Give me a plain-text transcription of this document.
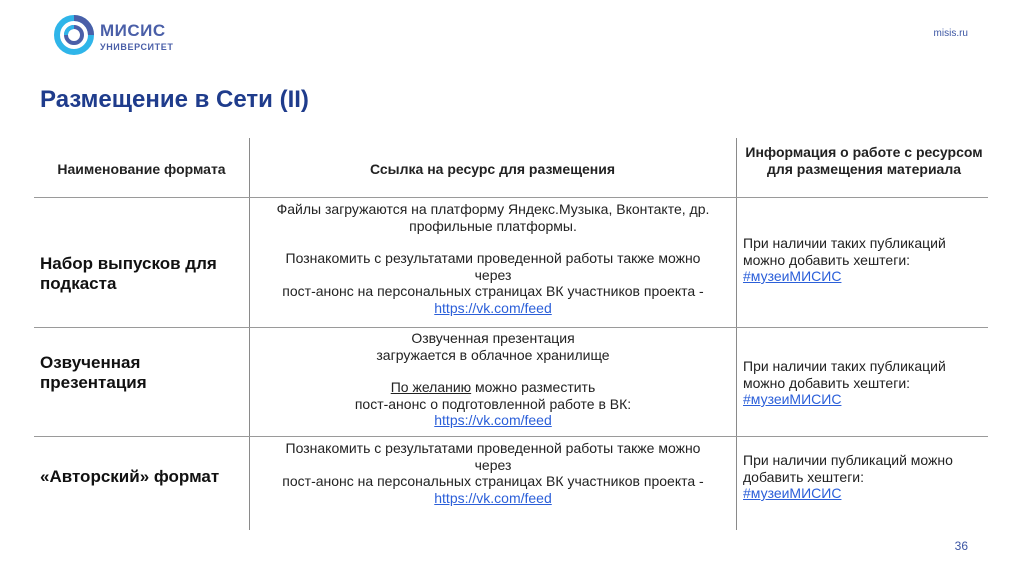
МИСИС
УНИВЕРСИТЕТ
misis.ru
Размещение в Сети (II)
Наименование формата	Ссылка на ресурс для размещения
Информация о работе с ресурсом для размещения материала
Набор выпусков для подкаста
Файлы загружаются на платформу Яндекс.Музыка, Вконтакте, др. профильные платформы.
Познакомить с результатами проведенной работы также можно через
пост-анонс на персональных страницах ВК участников проекта -
https://vk.com/feed
При наличии таких публикаций можно добавить хештеги:
#музеиМИСИС
Озвученная презентация
Озвученная презентация
загружается в облачное хранилище
По желанию можно разместить
пост-анонс о подготовленной работе в ВК:
https://vk.com/feed
При наличии таких публикаций можно добавить хештеги:
#музеиМИСИС
«Авторский» формат
Познакомить с результатами проведенной работы также можно через
пост-анонс на персональных страницах ВК участников проекта -
https://vk.com/feed
При наличии публикаций можно добавить хештеги:
#музеиМИСИС
36
